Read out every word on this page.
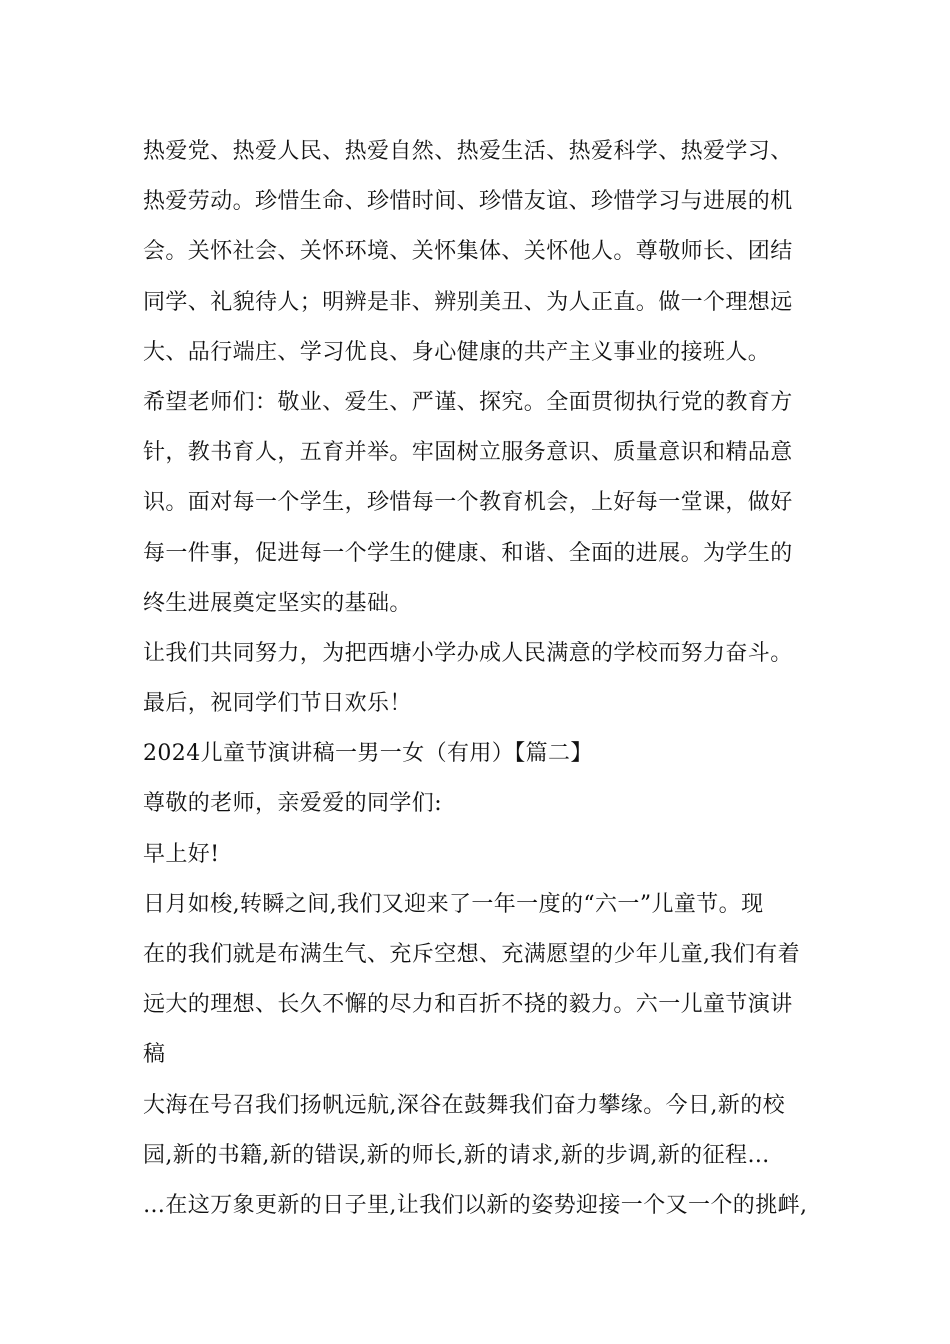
热爱党、热爱人民、热爱自然、热爱生活、热爱科学、热爱学习、
热爱劳动。珍惜生命、珍惜时间、珍惜友谊、珍惜学习与进展的机
会。关怀社会、关怀环境、关怀集体、关怀他人。尊敬师长、团结
同学、礼貌待人；明辨是非、辨别美丑、为人正直。做一个理想远
大、品行端庄、学习优良、身心健康的共产主义事业的接班人。
希望老师们：敬业、爱生、严谨、探究。全面贯彻执行党的教育方
针，教书育人，五育并举。牢固树立服务意识、质量意识和精品意
识。面对每一个学生，珍惜每一个教育机会，上好每一堂课，做好
每一件事，促进每一个学生的健康、和谐、全面的进展。为学生的
终生进展奠定坚实的基础。
让我们共同努力，为把西塘小学办成人民满意的学校而努力奋斗。
最后，祝同学们节日欢乐！
2024儿童节演讲稿一男一女（有用）【篇二】
尊敬的老师，亲爱爱的同学们:
早上好!
日月如梭,转瞬之间,我们又迎来了一年一度的“六一”儿童节。现
在的我们就是布满生气、充斥空想、充满愿望的少年儿童,我们有着
远大的理想、长久不懈的尽力和百折不挠的毅力。六一儿童节演讲
稿
大海在号召我们扬帆远航,深谷在鼓舞我们奋力攀缘。今日,新的校
园,新的书籍,新的错误,新的师长,新的请求,新的步调,新的征程…
…在这万象更新的日子里,让我们以新的姿势迎接一个又一个的挑衅,
